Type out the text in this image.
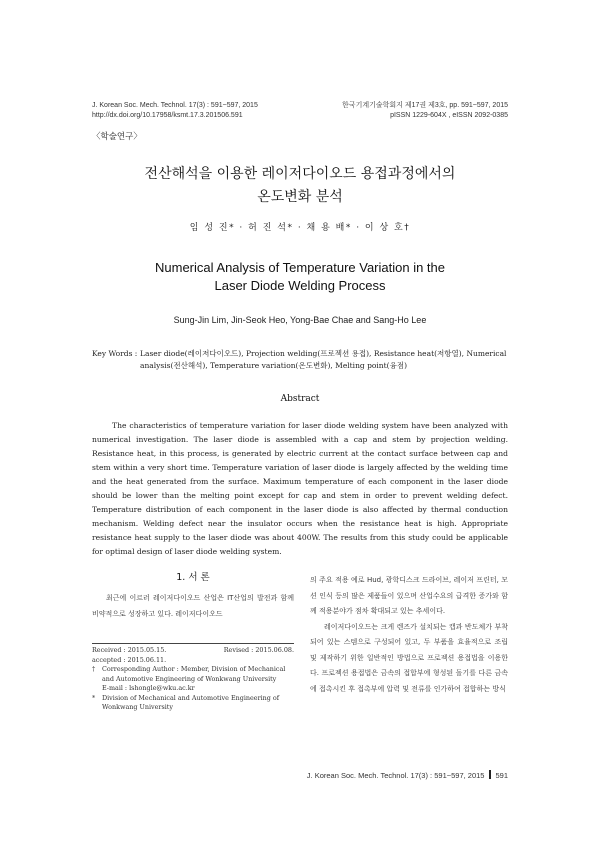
J. Korean Soc. Mech. Technol. 17(3) : 591~597, 2015
http://dx.doi.org/10.17958/ksmt.17.3.201506.591
한국기계기술학회지 제17권 제3호, pp. 591~597, 2015
pISSN 1229-604X , eISSN 2092-0385
〈학술연구〉
전산해석을 이용한 레이저다이오드 용접과정에서의
온도변화 분석
임 성 진* · 허 진 석* · 채 용 배* · 이 상 호†
Numerical Analysis of Temperature Variation in the
Laser Diode Welding Process
Sung-Jin Lim, Jin-Seok Heo, Yong-Bae Chae and Sang-Ho Lee
Key Words : Laser diode(레이저다이오드), Projection welding(프로젝션 용접), Resistance heat(저항열), Numerical analysis(전산해석), Temperature variation(온도변화), Melting point(융점)
Abstract

The characteristics of temperature variation for laser diode welding system have been analyzed with numerical investigation. The laser diode is assembled with a cap and stem by projection welding. Resistance heat, in this process, is generated by electric current at the contact surface between cap and stem within a very short time. Temperature variation of laser diode is largely affected by the welding time and the heat generated from the surface. Maximum temperature of each component in the laser diode should be lower than the melting point except for cap and stem in order to prevent welding defect. Temperature distribution of each component in the laser diode is also affected by thermal conduction mechanism. Welding defect near the insulator occurs when the resistance heat is high. Appropriate resistance heat supply to the laser diode was about 400W. The results from this study could be applicable for optimal design of laser diode welding system.

1. 서 론

최근에 이르러 레이저다이오드 산업은 IT산업의 발전과 함께 비약적으로 성장하고 있다. 레이저다이오드

Received : 2015.05.15.	Revised : 2015.06.08.
accepted : 2015.06.11.
†	Corresponding Author : Member, Division of Mechanical and Automotive Engineering of Wonkwang University
E-mail : lshongle@wku.ac.kr
*	Division of Mechanical and Automotive Engineering of Wonkwang University

의 주요 적용 예로 Hud, 광학디스크 드라이브, 레이저 프린터, 모션 인식 등의 많은 제품들이 있으며 산업수요의 급격한 증가와 함께 적용분야가 점차 확대되고 있는 추세이다.

레이저다이오드는 크게 렌즈가 설치되는 캡과 반도체가 부착되어 있는 스템으로 구성되어 있고, 두 부품을 효율적으로 조립 및 제작하기 위한 일반적인 방법으로 프로젝션 용접법을 이용한다. 프로젝션 용접법은 금속의 접합부에 형성된 돌기를 다른 금속에 접촉시킨 후 접촉부에 압력 및 전류를 인가하여 접합하는 방식

J. Korean Soc. Mech. Technol. 17(3) : 591~597, 2015 591
